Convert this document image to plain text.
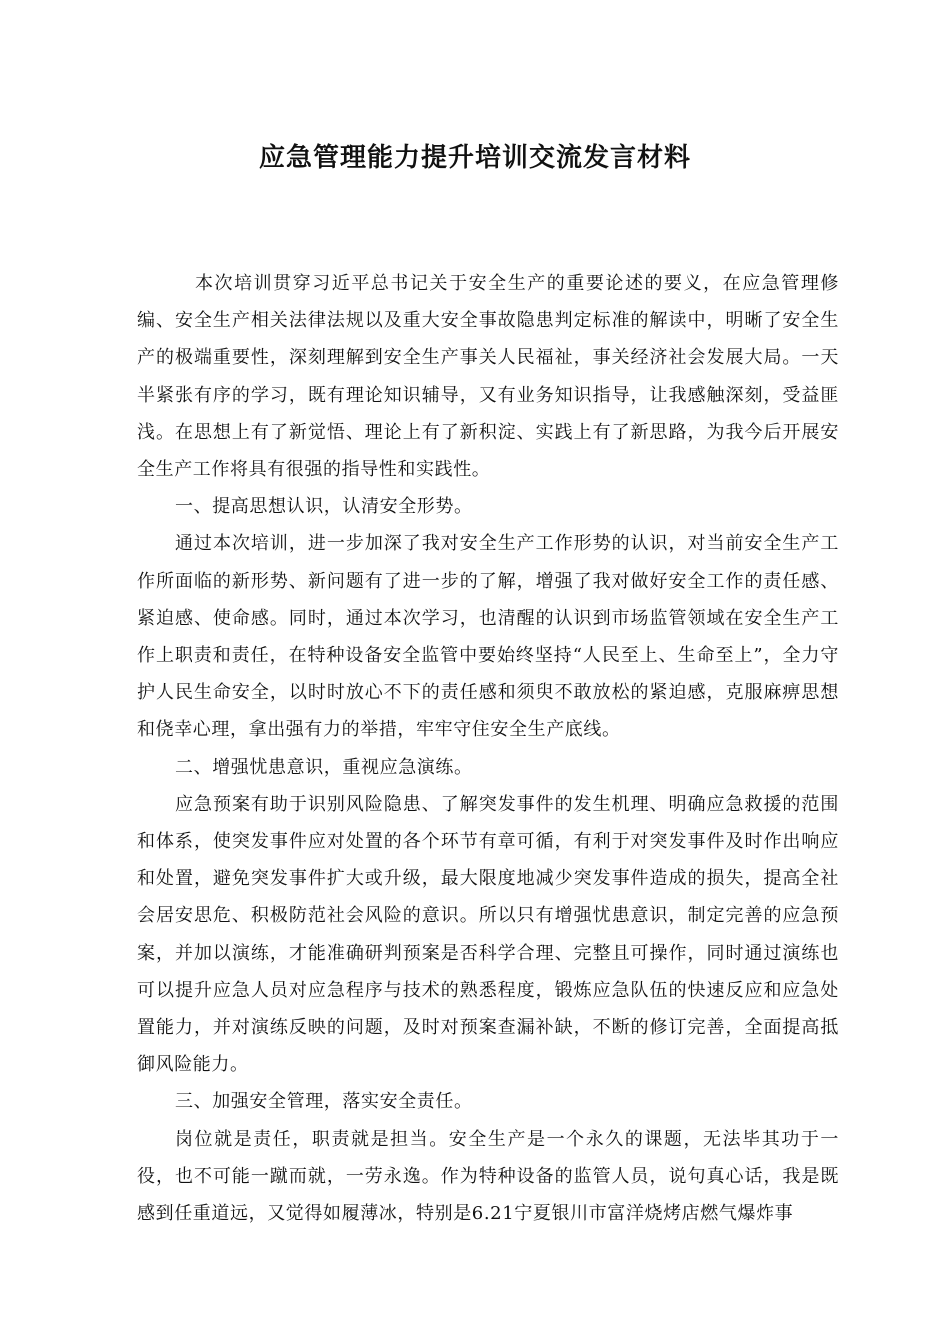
应急管理能力提升培训交流发言材料

本次培训贯穿习近平总书记关于安全生产的重要论述的要义，在应急管理修编、安全生产相关法律法规以及重大安全事故隐患判定标准的解读中，明晰了安全生产的极端重要性，深刻理解到安全生产事关人民福祉，事关经济社会发展大局。一天半紧张有序的学习，既有理论知识辅导，又有业务知识指导，让我感触深刻，受益匪浅。在思想上有了新觉悟、理论上有了新积淀、实践上有了新思路，为我今后开展安全生产工作将具有很强的指导性和实践性。

一、提高思想认识，认清安全形势。

通过本次培训，进一步加深了我对安全生产工作形势的认识，对当前安全生产工作所面临的新形势、新问题有了进一步的了解，增强了我对做好安全工作的责任感、紧迫感、使命感。同时，通过本次学习，也清醒的认识到市场监管领域在安全生产工作上职责和责任，在特种设备安全监管中要始终坚持“人民至上、生命至上”，全力守护人民生命安全，以时时放心不下的责任感和须臾不敢放松的紧迫感，克服麻痹思想和侥幸心理，拿出强有力的举措，牢牢守住安全生产底线。

二、增强忧患意识，重视应急演练。

应急预案有助于识别风险隐患、了解突发事件的发生机理、明确应急救援的范围和体系，使突发事件应对处置的各个环节有章可循，有利于对突发事件及时作出响应和处置，避免突发事件扩大或升级，最大限度地减少突发事件造成的损失，提高全社会居安思危、积极防范社会风险的意识。所以只有增强忧患意识，制定完善的应急预案，并加以演练，才能准确研判预案是否科学合理、完整且可操作，同时通过演练也可以提升应急人员对应急程序与技术的熟悉程度，锻炼应急队伍的快速反应和应急处置能力，并对演练反映的问题，及时对预案查漏补缺，不断的修订完善，全面提高抵御风险能力。

三、加强安全管理，落实安全责任。

岗位就是责任，职责就是担当。安全生产是一个永久的课题，无法毕其功于一役，也不可能一蹴而就，一劳永逸。作为特种设备的监管人员，说句真心话，我是既感到任重道远，又觉得如履薄冰，特别是6.21宁夏银川市富洋烧烤店燃气爆炸事
